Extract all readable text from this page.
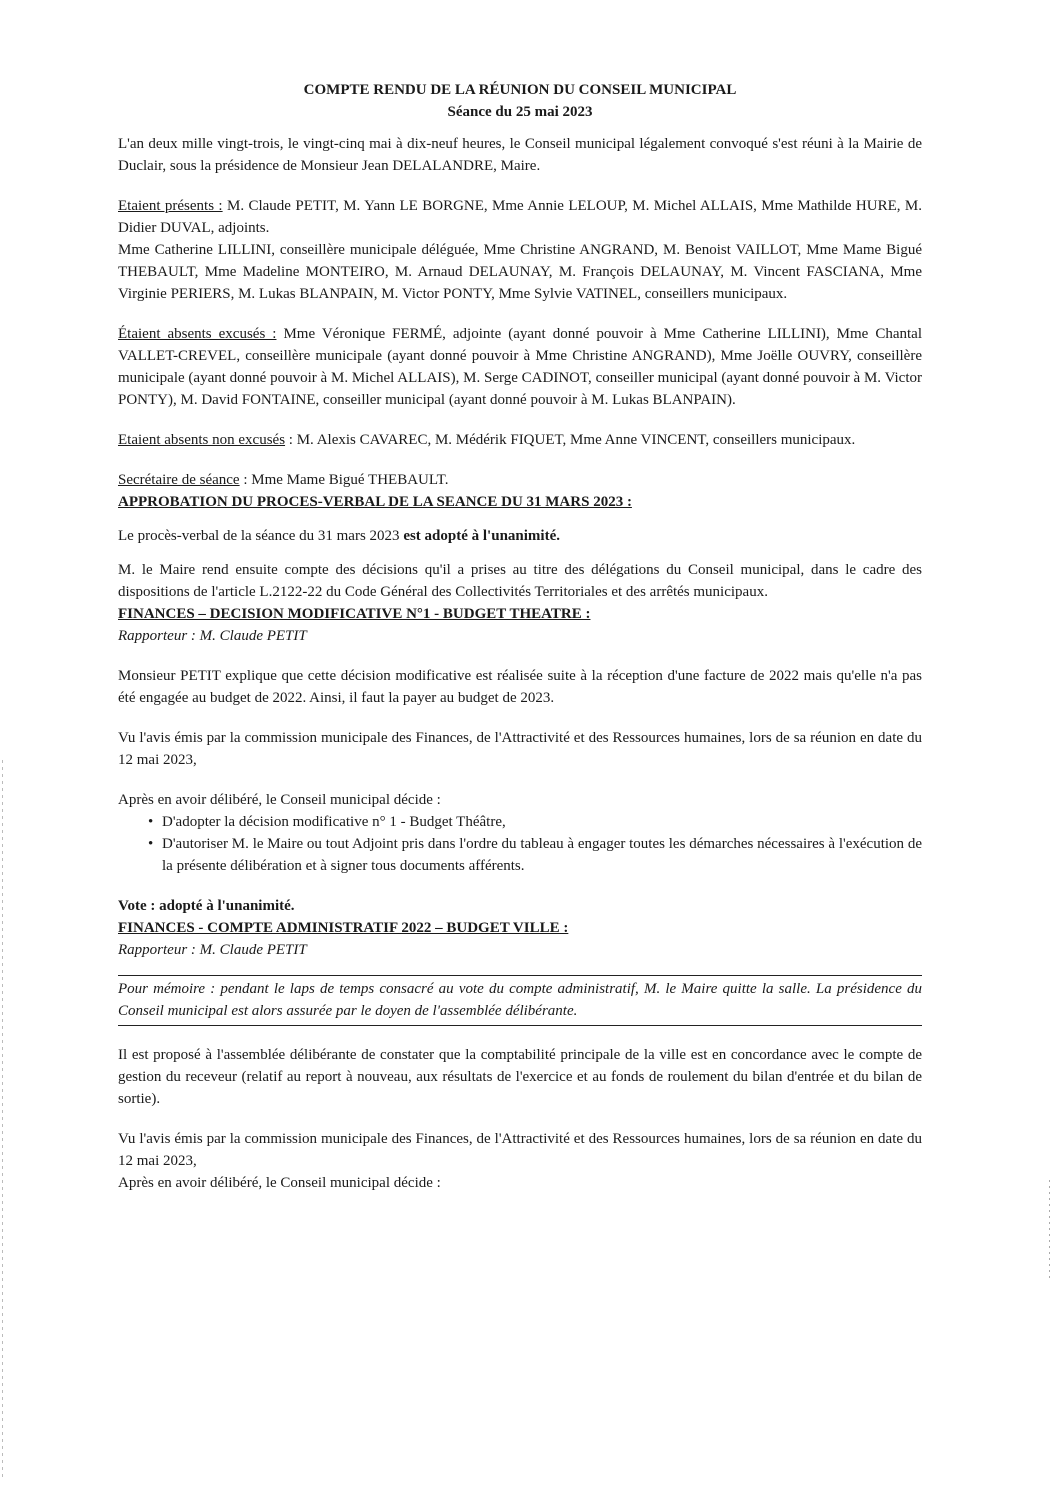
COMPTE RENDU DE LA RÉUNION DU CONSEIL MUNICIPAL

Séance du 25 mai 2023

L'an deux mille vingt-trois, le vingt-cinq mai à dix-neuf heures, le Conseil municipal légalement convoqué s'est réuni à la Mairie de Duclair, sous la présidence de Monsieur Jean DELALANDRE, Maire.

Etaient présents : M. Claude PETIT, M. Yann LE BORGNE, Mme Annie LELOUP, M. Michel ALLAIS, Mme Mathilde HURE, M. Didier DUVAL, adjoints.

Mme Catherine LILLINI, conseillère municipale déléguée, Mme Christine ANGRAND, M. Benoist VAILLOT, Mme Mame Bigué THEBAULT, Mme Madeline MONTEIRO, M. Arnaud DELAUNAY, M. François DELAUNAY, M. Vincent FASCIANA, Mme Virginie PERIERS, M. Lukas BLANPAIN, M. Victor PONTY, Mme Sylvie VATINEL, conseillers municipaux.

Étaient absents excusés : Mme Véronique FERMÉ, adjointe (ayant donné pouvoir à Mme Catherine LILLINI), Mme Chantal VALLET-CREVEL, conseillère municipale (ayant donné pouvoir à Mme Christine ANGRAND), Mme Joëlle OUVRY, conseillère municipale (ayant donné pouvoir à M. Michel ALLAIS), M. Serge CADINOT, conseiller municipal (ayant donné pouvoir à M. Victor PONTY), M. David FONTAINE, conseiller municipal (ayant donné pouvoir à M. Lukas BLANPAIN).

Etaient absents non excusés : M. Alexis CAVAREC, M. Médérik FIQUET, Mme Anne VINCENT, conseillers municipaux.

Secrétaire de séance : Mme Mame Bigué THEBAULT.

APPROBATION DU PROCES-VERBAL DE LA SEANCE DU 31 MARS 2023 :

Le procès-verbal de la séance du 31 mars 2023 est adopté à l'unanimité.

M. le Maire rend ensuite compte des décisions qu'il a prises au titre des délégations du Conseil municipal, dans le cadre des dispositions de l'article L.2122-22 du Code Général des Collectivités Territoriales et des arrêtés municipaux.

FINANCES – DECISION MODIFICATIVE N°1 - BUDGET THEATRE :

Rapporteur : M. Claude PETIT

Monsieur PETIT explique que cette décision modificative est réalisée suite à la réception d'une facture de 2022 mais qu'elle n'a pas été engagée au budget de 2022. Ainsi, il faut la payer au budget de 2023.

Vu l'avis émis par la commission municipale des Finances, de l'Attractivité et des Ressources humaines, lors de sa réunion en date du 12 mai 2023,

Après en avoir délibéré, le Conseil municipal décide :

• D'adopter la décision modificative n° 1 - Budget Théâtre,
• D'autoriser M. le Maire ou tout Adjoint pris dans l'ordre du tableau à engager toutes les démarches nécessaires à l'exécution de la présente délibération et à signer tous documents afférents.

Vote : adopté à l'unanimité.

FINANCES - COMPTE ADMINISTRATIF 2022 – BUDGET VILLE :

Rapporteur : M. Claude PETIT

Pour mémoire : pendant le laps de temps consacré au vote du compte administratif, M. le Maire quitte la salle. La présidence du Conseil municipal est alors assurée par le doyen de l'assemblée délibérante.

Il est proposé à l'assemblée délibérante de constater que la comptabilité principale de la ville est en concordance avec le compte de gestion du receveur (relatif au report à nouveau, aux résultats de l'exercice et au fonds de roulement du bilan d'entrée et du bilan de sortie).

Vu l'avis émis par la commission municipale des Finances, de l'Attractivité et des Ressources humaines, lors de sa réunion en date du 12 mai 2023,

Après en avoir délibéré, le Conseil municipal décide :
